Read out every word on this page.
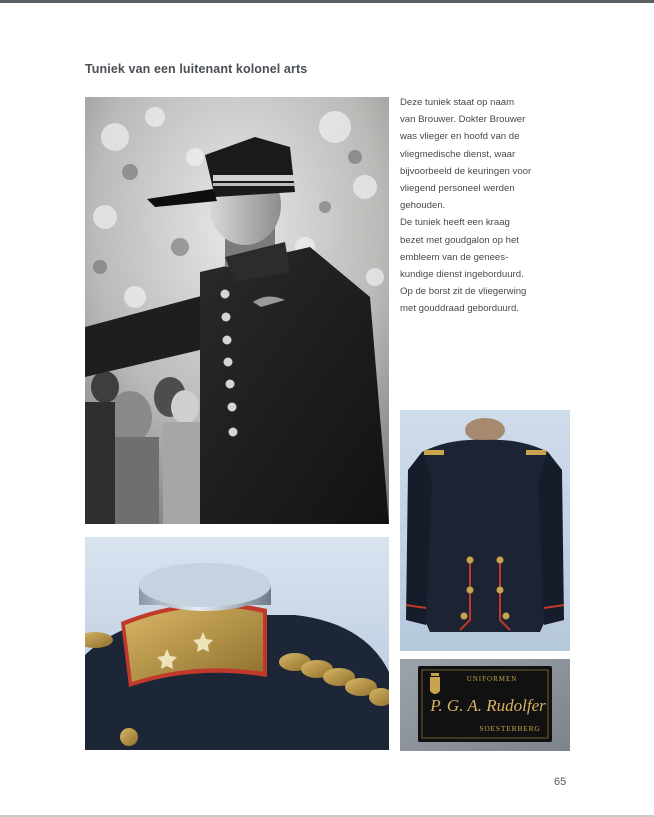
Tuniek van een luitenant kolonel arts

Deze tuniek staat op naam

van Brouwer. Dokter Brouwer

was vlieger en hoofd van de

vliegmedische dienst, waar

bijvoorbeeld de keuringen voor

vliegend personeel werden

gehouden.

De tuniek heeft een kraag

bezet met goudgalon op het

embleem van de genees-

kundige dienst ingeborduurd.

Op de borst zit de vliegerwing

met gouddraad geborduurd.

UNIFORMEN
P. G. A. Rudolfer
SOESTERBERG
65
